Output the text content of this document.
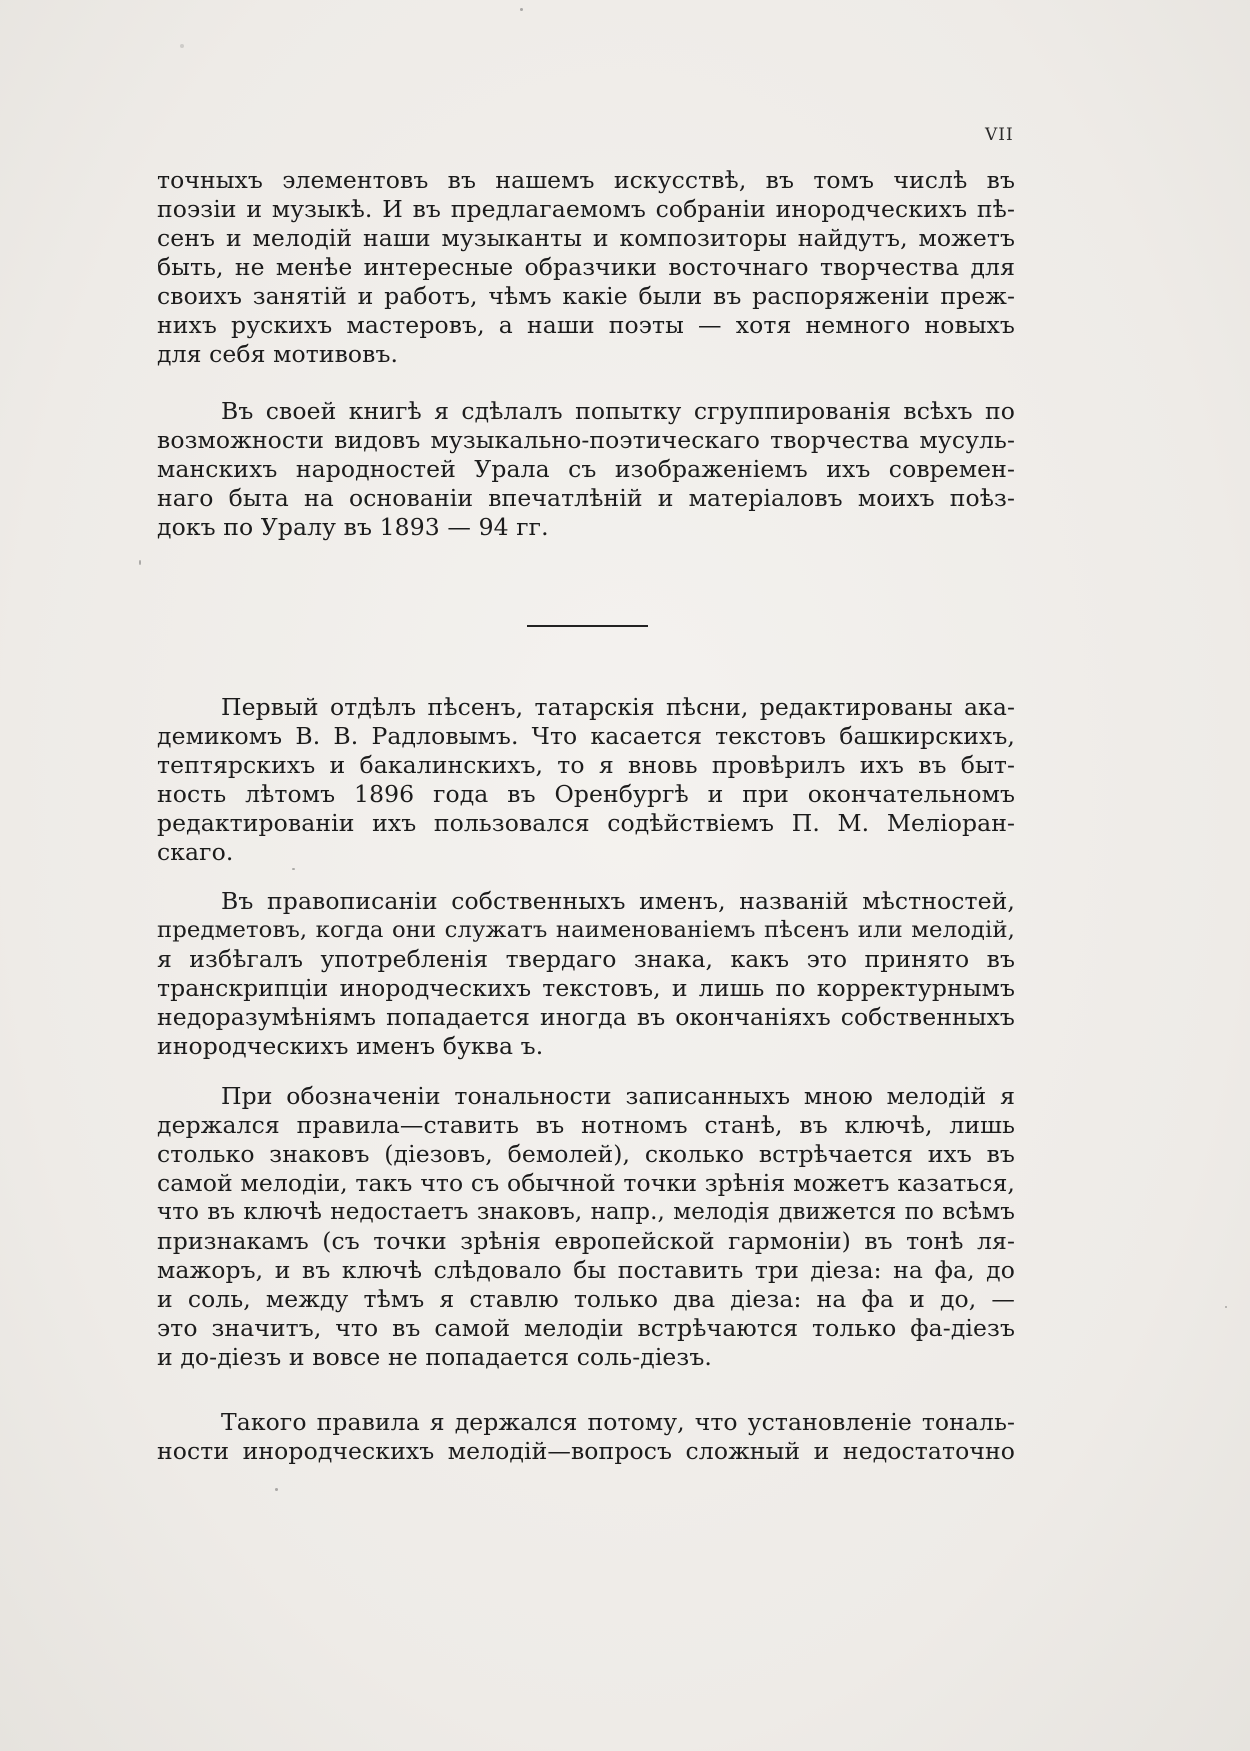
VII
точныхъ элементовъ въ нашемъ искусствѣ, въ томъ числѣ въ
поэзіи и музыкѣ. И въ предлагаемомъ собраніи инородческихъ пѣ-
сенъ и мелодій наши музыканты и композиторы найдутъ, можетъ
быть, не менѣе интересные образчики восточнаго творчества для
своихъ занятій и работъ, чѣмъ какіе были въ распоряженіи преж-
нихъ рускихъ мастеровъ, а наши поэты — хотя немного новыхъ
для себя мотивовъ.
Въ своей книгѣ я сдѣлалъ попытку сгруппированія всѣхъ по
возможности видовъ музыкально-поэтическаго творчества мусуль-
манскихъ народностей Урала съ изображеніемъ ихъ современ-
наго быта на основаніи впечатлѣній и матеріаловъ моихъ поѣз-
докъ по Уралу въ 1893 — 94 гг.
Первый отдѣлъ пѣсенъ, татарскія пѣсни, редактированы ака-
демикомъ В. В. Радловымъ. Что касается текстовъ башкирскихъ,
тептярскихъ и бакалинскихъ, то я вновь провѣрилъ ихъ въ быт-
ность лѣтомъ 1896 года въ Оренбургѣ и при окончательномъ
редактированіи ихъ пользовался содѣйствіемъ П. М. Меліоран-
скаго.
Въ правописаніи собственныхъ именъ, названій мѣстностей,
предметовъ, когда они служатъ наименованіемъ пѣсенъ или мелодій,
я избѣгалъ употребленія твердаго знака, какъ это принято въ
транскрипціи инородческихъ текстовъ, и лишь по корректурнымъ
недоразумѣніямъ попадается иногда въ окончаніяхъ собственныхъ
инородческихъ именъ буква ъ.
При обозначеніи тональности записанныхъ мною мелодій я
держался правила—ставить въ нотномъ станѣ, въ ключѣ, лишь
столько знаковъ (діезовъ, бемолей), сколько встрѣчается ихъ въ
самой мелодіи, такъ что съ обычной точки зрѣнія можетъ казаться,
что въ ключѣ недостаетъ знаковъ, напр., мелодія движется по всѣмъ
признакамъ (съ точки зрѣнія европейской гармоніи) въ тонѣ ля-
мажоръ, и въ ключѣ слѣдовало бы поставить три діеза: на фа, до
и соль, между тѣмъ я ставлю только два діеза: на фа и до, —
это значитъ, что въ самой мелодіи встрѣчаются только фа-діезъ
и до-діезъ и вовсе не попадается соль-діезъ.
Такого правила я держался потому, что установленіе тональ-
ности инородческихъ мелодій—вопросъ сложный и недостаточно
